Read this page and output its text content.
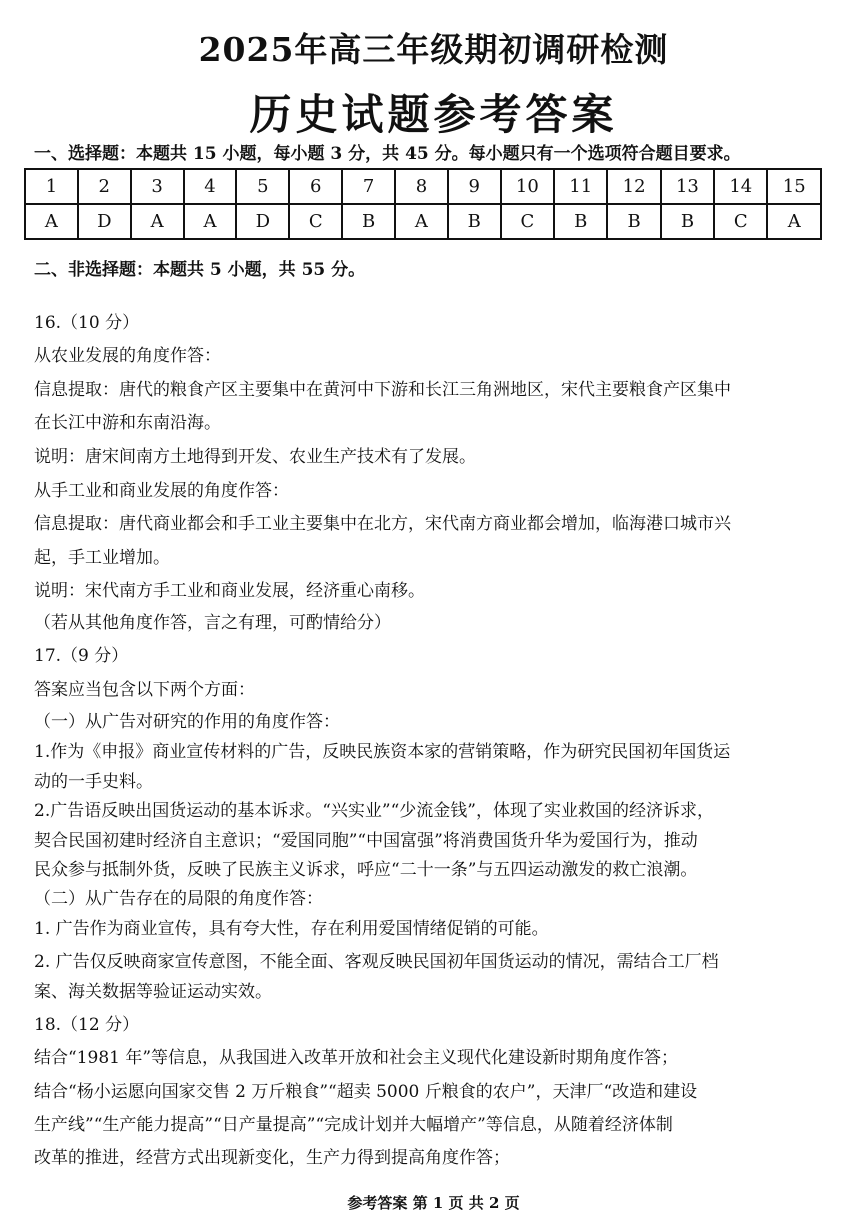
2025年高三年级期初调研检测
历史试题参考答案
一、选择题：本题共 15 小题，每小题 3 分，共 45 分。每小题只有一个选项符合题目要求。
1	2	3	4	5	6	7	8	9	10	11	12	13	14	15
A	D	A	A	D	C	B	A	B	C	B	B	B	C	A
二、非选择题：本题共 5 小题，共 55 分。
16.（10 分）
从农业发展的角度作答：
信息提取：唐代的粮食产区主要集中在黄河中下游和长江三角洲地区，宋代主要粮食产区集中
在长江中游和东南沿海。
说明：唐宋间南方土地得到开发、农业生产技术有了发展。
从手工业和商业发展的角度作答：
信息提取：唐代商业都会和手工业主要集中在北方，宋代南方商业都会增加，临海港口城市兴
起，手工业增加。
说明：宋代南方手工业和商业发展，经济重心南移。
（若从其他角度作答，言之有理，可酌情给分）
17.（9 分）
答案应当包含以下两个方面：
（一）从广告对研究的作用的角度作答：
1.作为《申报》商业宣传材料的广告，反映民族资本家的营销策略，作为研究民国初年国货运
动的一手史料。
2.广告语反映出国货运动的基本诉求。“兴实业”“少流金钱”，体现了实业救国的经济诉求，
契合民国初建时经济自主意识；“爱国同胞”“中国富强”将消费国货升华为爱国行为，推动
民众参与抵制外货，反映了民族主义诉求，呼应“二十一条”与五四运动激发的救亡浪潮。
（二）从广告存在的局限的角度作答：
1. 广告作为商业宣传，具有夸大性，存在利用爱国情绪促销的可能。
2. 广告仅反映商家宣传意图，不能全面、客观反映民国初年国货运动的情况，需结合工厂档
案、海关数据等验证运动实效。
18.（12 分）
结合“1981 年”等信息，从我国进入改革开放和社会主义现代化建设新时期角度作答；
结合“杨小运愿向国家交售 2 万斤粮食”“超卖 5000 斤粮食的农户”，天津厂“改造和建设
生产线”“生产能力提高”“日产量提高”“完成计划并大幅增产”等信息，从随着经济体制
改革的推进，经营方式出现新变化，生产力得到提高角度作答；
参考答案 第 1 页 共 2 页
